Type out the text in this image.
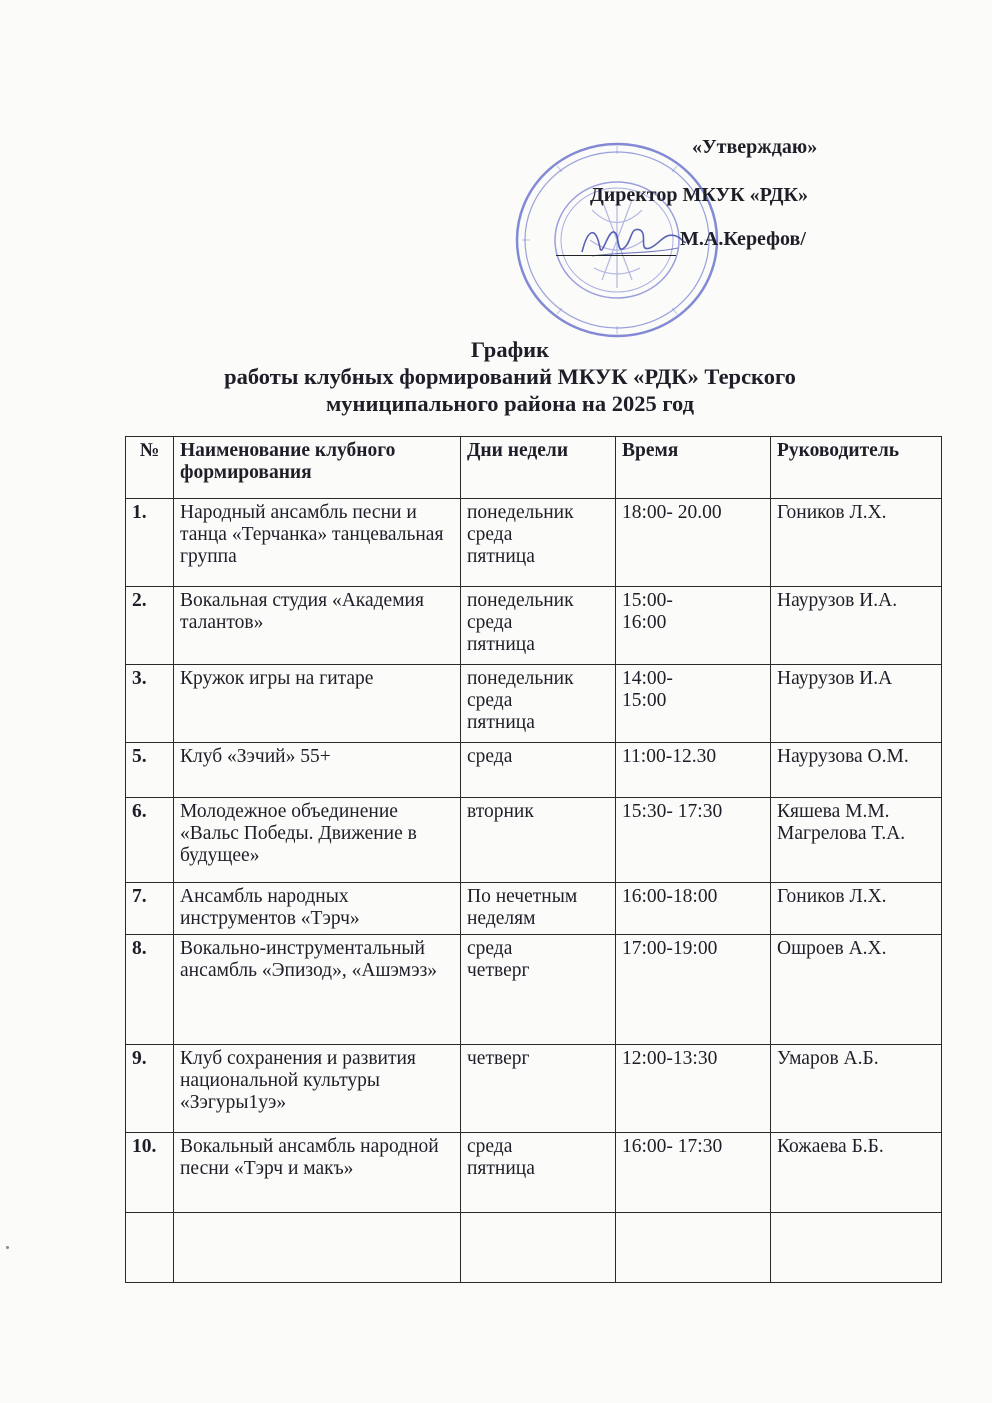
«Утверждаю»
Директор МКУК «РДК»
М.А.Керефов/
График
работы клубных формирований МКУК «РДК» Терского
муниципального района на 2025 год
№	Наименование клубного формирования	Дни недели	Время	Руководитель
1.	Народный ансамбль песни и танца «Терчанка» танцевальная группа	понедельник
среда
пятница	18:00- 20.00	Гоников Л.Х.
2.	Вокальная студия «Академия талантов»	понедельник
среда
пятница	15:00-
16:00	Наурузов И.А.
3.	Кружок игры на гитаре	понедельник
среда
пятница	14:00-
15:00	Наурузов И.А
5.	Клуб «Зэчий» 55+	среда	11:00-12.30	Наурузова О.М.
6.	Молодежное объединение «Вальс Победы. Движение в будущее»	вторник	15:30- 17:30	Кяшева М.М.
Магрелова Т.А.
7.	Ансамбль народных инструментов «Тэрч»	По нечетным неделям	16:00-18:00	Гоников Л.Х.
8.	Вокально-инструментальный ансамбль «Эпизод», «Ашэмэз»	среда
четверг	17:00-19:00	Ошроев А.Х.
9.	Клуб сохранения и развития национальной культуры «Зэгуры1уэ»	четверг	12:00-13:30	Умаров А.Б.
10.	Вокальный ансамбль народной песни «Тэрч и макъ»	среда
пятница	16:00- 17:30	Кожаева Б.Б.
